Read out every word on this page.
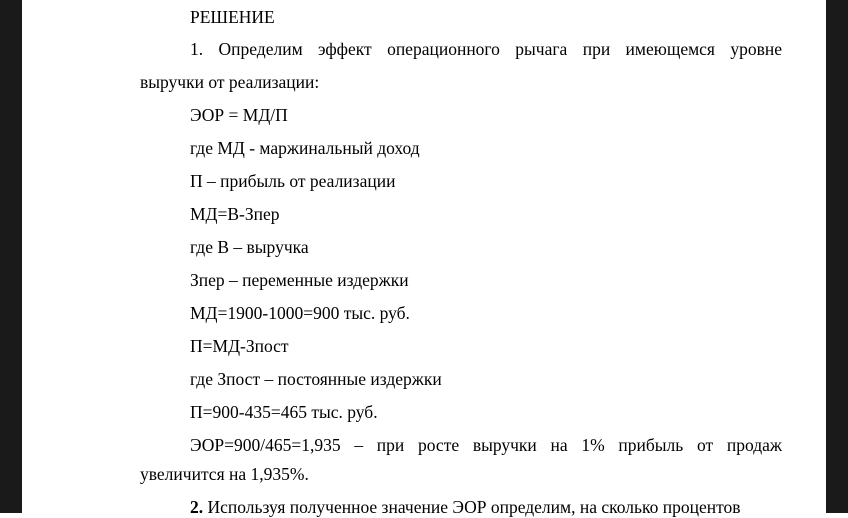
РЕШЕНИЕ
1. Определим эффект операционного рычага при имеющемся уровне
выручки от реализации:
ЭОР = МД/П
где МД - маржинальный доход
П – прибыль от реализации
МД=В-Зпер
где В – выручка
Зпер – переменные издержки
МД=1900-1000=900 тыс. руб.
П=МД-Зпост
где Зпост – постоянные издержки
П=900-435=465 тыс. руб.
ЭОР=900/465=1,935 – при росте выручки на 1% прибыль от продаж
увеличится на 1,935%.
2. Используя полученное значение ЭОР определим, на сколько процентов
